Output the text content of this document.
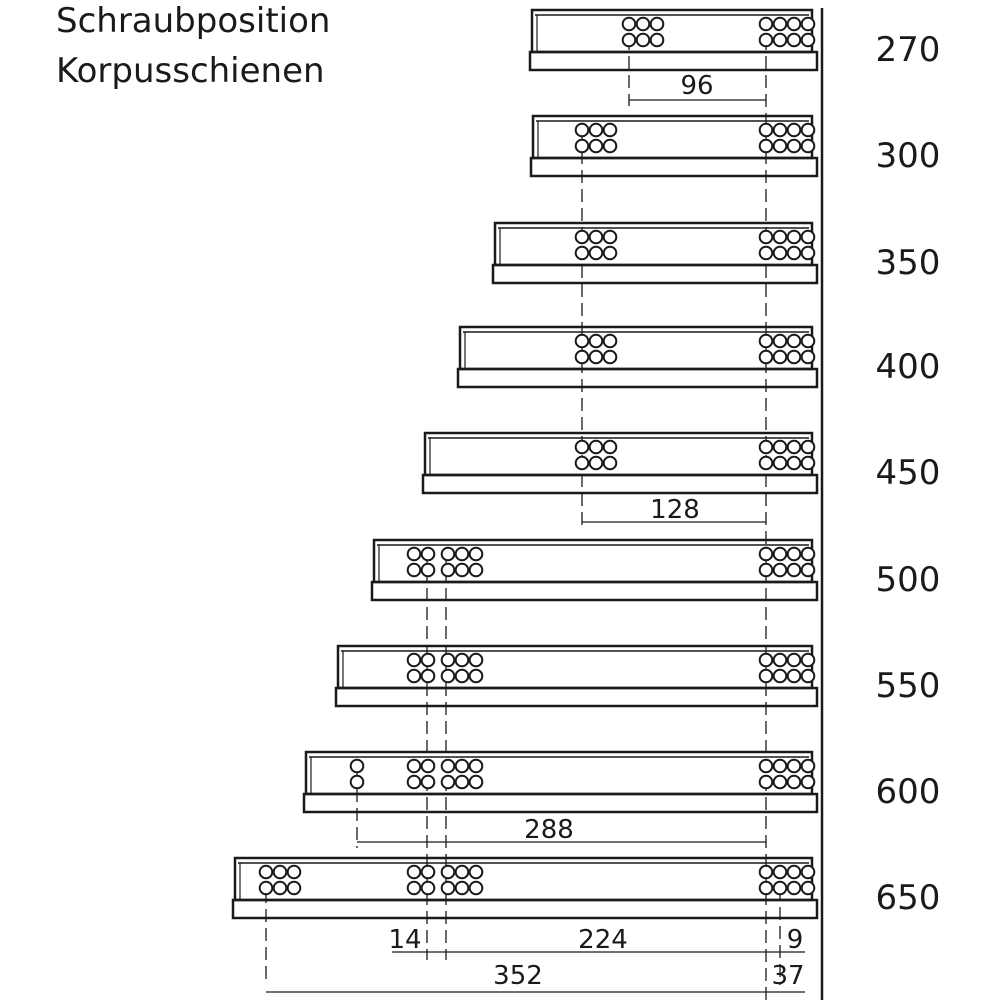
Schraubposition
Korpusschienen
270
300
350
400
450
500
550
600
650
96
128
288
14	224	9
352	37
